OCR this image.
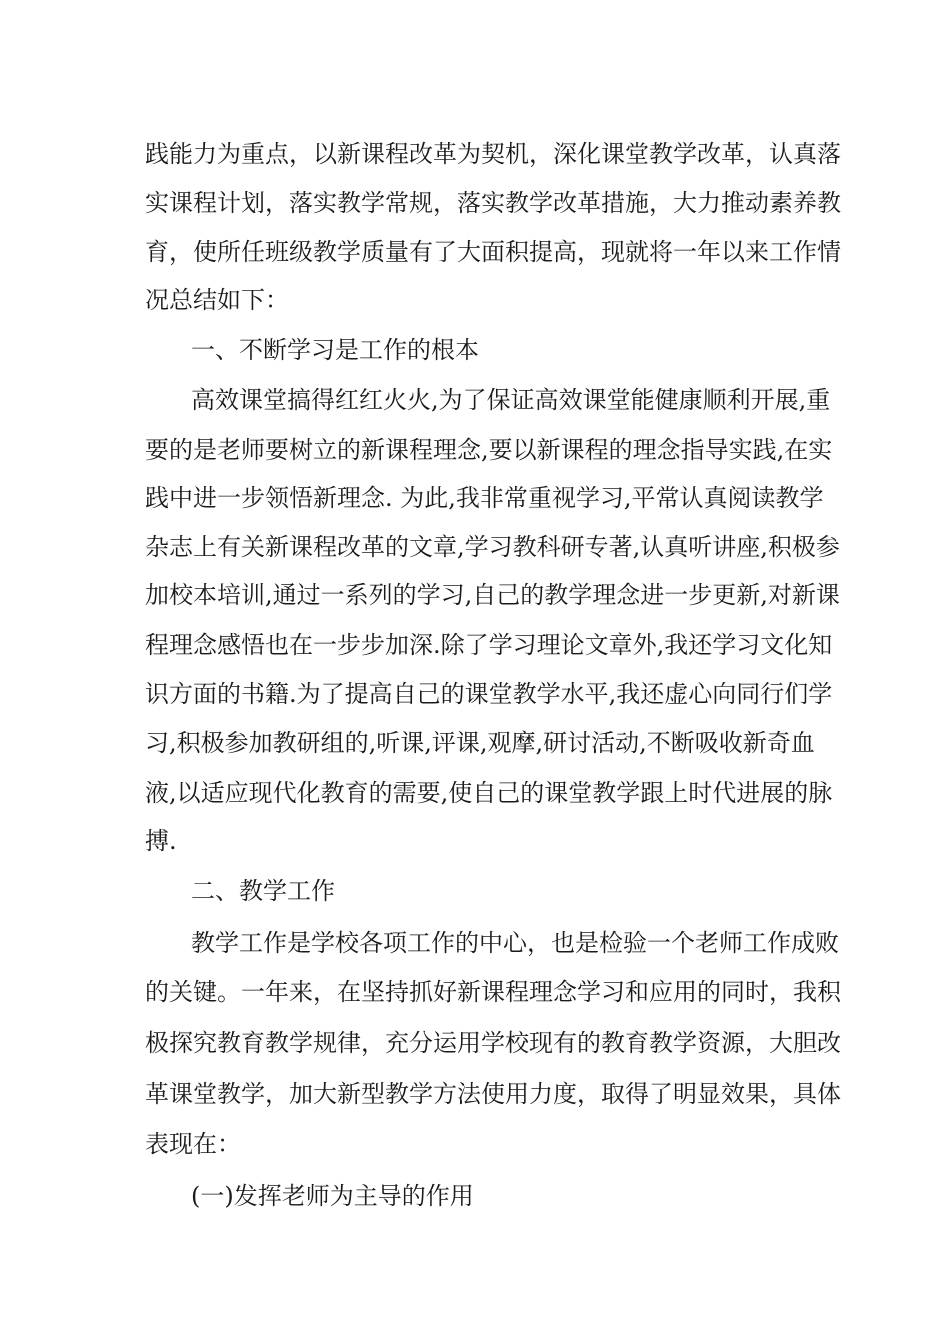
践能力为重点，以新课程改革为契机，深化课堂教学改革，认真落
实课程计划，落实教学常规，落实教学改革措施，大力推动素养教
育，使所任班级教学质量有了大面积提高，现就将一年以来工作情
况总结如下：
一、不断学习是工作的根本
高效课堂搞得红红火火,为了保证高效课堂能健康顺利开展,重
要的是老师要树立的新课程理念,要以新课程的理念指导实践,在实
践中进一步领悟新理念. 为此,我非常重视学习,平常认真阅读教学
杂志上有关新课程改革的文章,学习教科研专著,认真听讲座,积极参
加校本培训,通过一系列的学习,自己的教学理念进一步更新,对新课
程理念感悟也在一步步加深.除了学习理论文章外,我还学习文化知
识方面的书籍.为了提高自己的课堂教学水平,我还虚心向同行们学
习,积极参加教研组的,听课,评课,观摩,研讨活动,不断吸收新奇血
液,以适应现代化教育的需要,使自己的课堂教学跟上时代进展的脉
搏.
二、教学工作
教学工作是学校各项工作的中心，也是检验一个老师工作成败
的关键。一年来，在坚持抓好新课程理念学习和应用的同时，我积
极探究教育教学规律，充分运用学校现有的教育教学资源，大胆改
革课堂教学，加大新型教学方法使用力度，取得了明显效果，具体
表现在：
(一)发挥老师为主导的作用
